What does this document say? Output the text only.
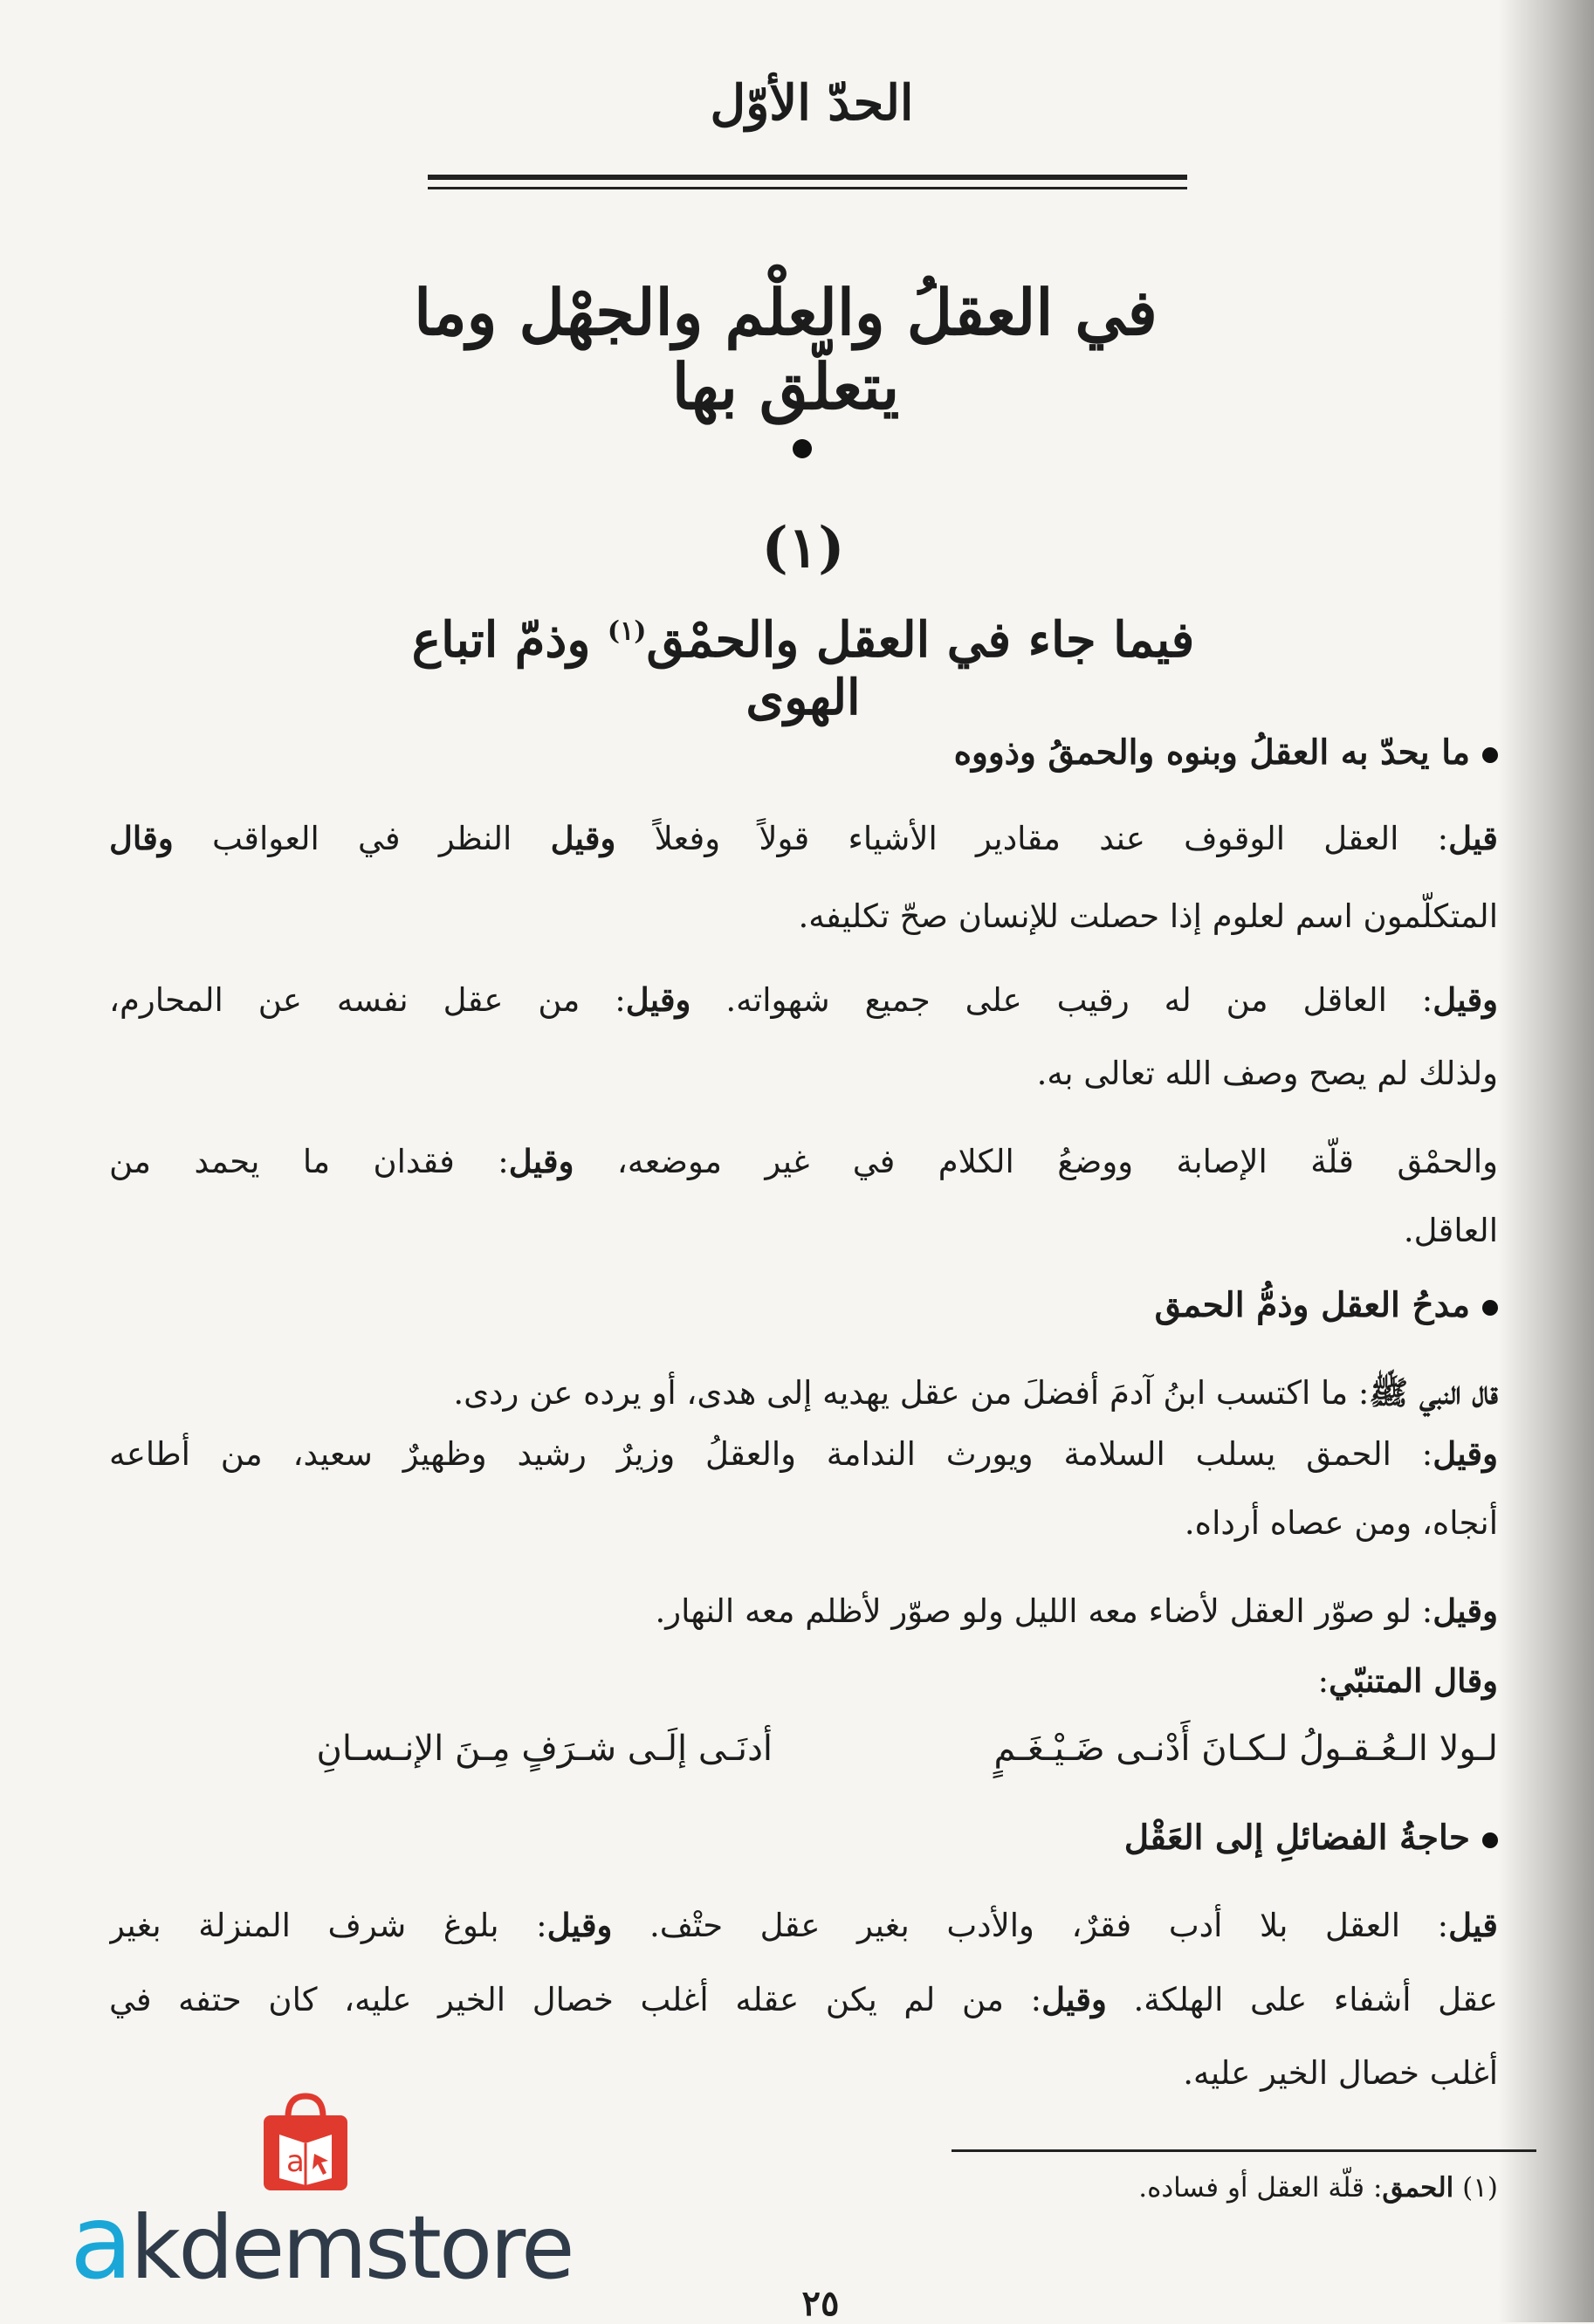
الحدّ الأوّل
في العقلُ والعلْم والجهْل وما يتعلّق بها
(١)
فيما جاء في العقل والحمْق$^{(١)}$ وذمّ اتباع الهوى
ما يحدّ به العقلُ وبنوه والحمقُ وذووه
قيل: العقل الوقوف عند مقادير الأشياء قولاً وفعلاً وقيل النظر في العواقب وقال
المتكلّمون اسم لعلوم إذا حصلت للإنسان صحّ تكليفه.
وقيل: العاقل من له رقيب على جميع شهواته. وقيل: من عقل نفسه عن المحارم،
ولذلك لم يصح وصف الله تعالى به.
والحمْق قلّة الإصابة ووضعُ الكلام في غير موضعه، وقيل: فقدان ما يحمد من
العاقل.
مدحُ العقل وذمُّ الحمق
قال النبي ﷺ: ما اكتسب ابنُ آدمَ أفضلَ من عقل يهديه إلى هدى، أو يرده عن ردى.
وقيل: الحمق يسلب السلامة ويورث الندامة والعقلُ وزيرٌ رشيد وظهيرٌ سعيد، من أطاعه
أنجاه، ومن عصاه أرداه.
وقيل: لو صوّر العقل لأضاء معه الليل ولو صوّر لأظلم معه النهار.
وقال المتنبّي:
لـولا الـعُـقـولُ لـكـانَ أَدْنـى ضَـيْـغَـمٍ
أدنَـى إلَـى شـرَفٍ مِـنَ الإنـسـانِ
حاجةُ الفضائلِ إلى العَقْل
قيل: العقل بلا أدب فقرٌ، والأدب بغير عقل حتْف. وقيل: بلوغ شرف المنزلة بغير
عقل أشفاء على الهلكة. وقيل: من لم يكن عقله أغلب خصال الخير عليه، كان حتفه في
أغلب خصال الخير عليه.
(١) الحمق: قلّة العقل أو فساده.
٢٥
a
akdemstore
